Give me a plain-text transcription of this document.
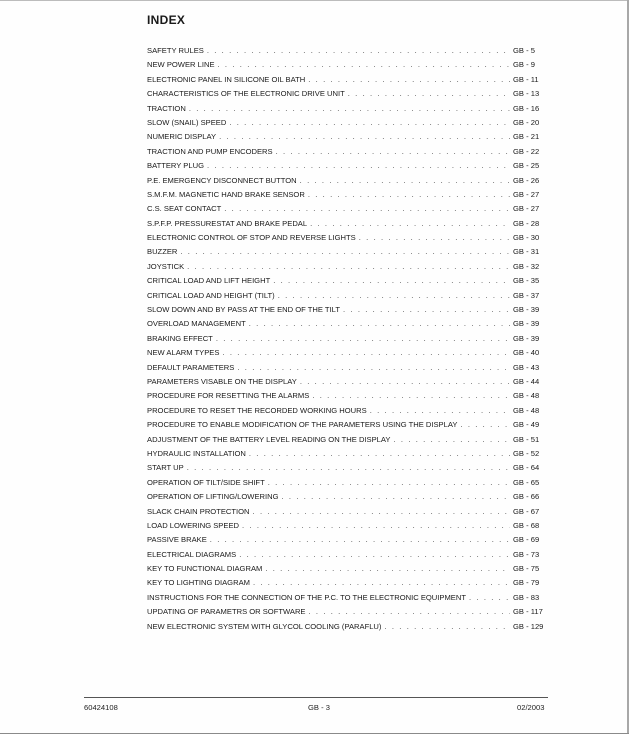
INDEX
SAFETY RULES . . .	GB - 5
NEW POWER LINE . . .	GB - 9
ELECTRONIC PANEL IN SILICONE OIL BATH . . .	GB - 11
CHARACTERISTICS OF THE ELECTRONIC DRIVE UNIT . . .	GB - 13
TRACTION . . .	GB - 16
SLOW (SNAIL) SPEED . . .	GB - 20
NUMERIC DISPLAY . . .	GB - 21
TRACTION AND PUMP ENCODERS . . .	GB - 22
BATTERY PLUG . . .	GB - 25
P.E. EMERGENCY DISCONNECT BUTTON . . .	GB - 26
S.M.F.M. MAGNETIC HAND BRAKE SENSOR . . .	GB - 27
C.S. SEAT CONTACT . . .	GB - 27
S.P.F.P. PRESSURESTAT AND BRAKE PEDAL . . .	GB - 28
ELECTRONIC CONTROL OF STOP AND REVERSE LIGHTS . . .	GB - 30
BUZZER . . .	GB - 31
JOYSTICK . . .	GB - 32
CRITICAL LOAD AND LIFT HEIGHT . . .	GB - 35
CRITICAL LOAD AND HEIGHT (TILT) . . .	GB - 37
SLOW DOWN AND BY PASS AT THE END OF THE TILT . . .	GB - 39
OVERLOAD MANAGEMENT . . .	GB - 39
BRAKING EFFECT . . .	GB - 39
NEW ALARM TYPES . . .	GB - 40
DEFAULT PARAMETERS . . .	GB - 43
PARAMETERS VISABLE ON THE DISPLAY . . .	GB - 44
PROCEDURE FOR RESETTING THE ALARMS . . .	GB - 48
PROCEDURE TO RESET THE RECORDED WORKING HOURS . . .	GB - 48
PROCEDURE TO ENABLE MODIFICATION OF THE PARAMETERS USING THE DISPLAY . . .	GB - 49
ADJUSTMENT OF THE BATTERY LEVEL READING ON THE DISPLAY . . .	GB - 51
HYDRAULIC INSTALLATION . . .	GB - 52
START UP . . .	GB - 64
OPERATION OF TILT/SIDE SHIFT . . .	GB - 65
OPERATION OF LIFTING/LOWERING . . .	GB - 66
SLACK CHAIN PROTECTION . . .	GB - 67
LOAD LOWERING SPEED . . .	GB - 68
PASSIVE BRAKE . . .	GB - 69
ELECTRICAL DIAGRAMS . . .	GB - 73
KEY TO FUNCTIONAL DIAGRAM . . .	GB - 75
KEY TO LIGHTING DIAGRAM . . .	GB - 79
INSTRUCTIONS FOR THE CONNECTION OF THE P.C. TO THE ELECTRONIC EQUIPMENT . . .	GB - 83
UPDATING OF PARAMETRS OR SOFTWARE . . .	GB - 117
NEW ELECTRONIC SYSTEM WITH GLYCOL COOLING (PARAFLU) . . .	GB - 129
60424108	GB - 3	02/2003
